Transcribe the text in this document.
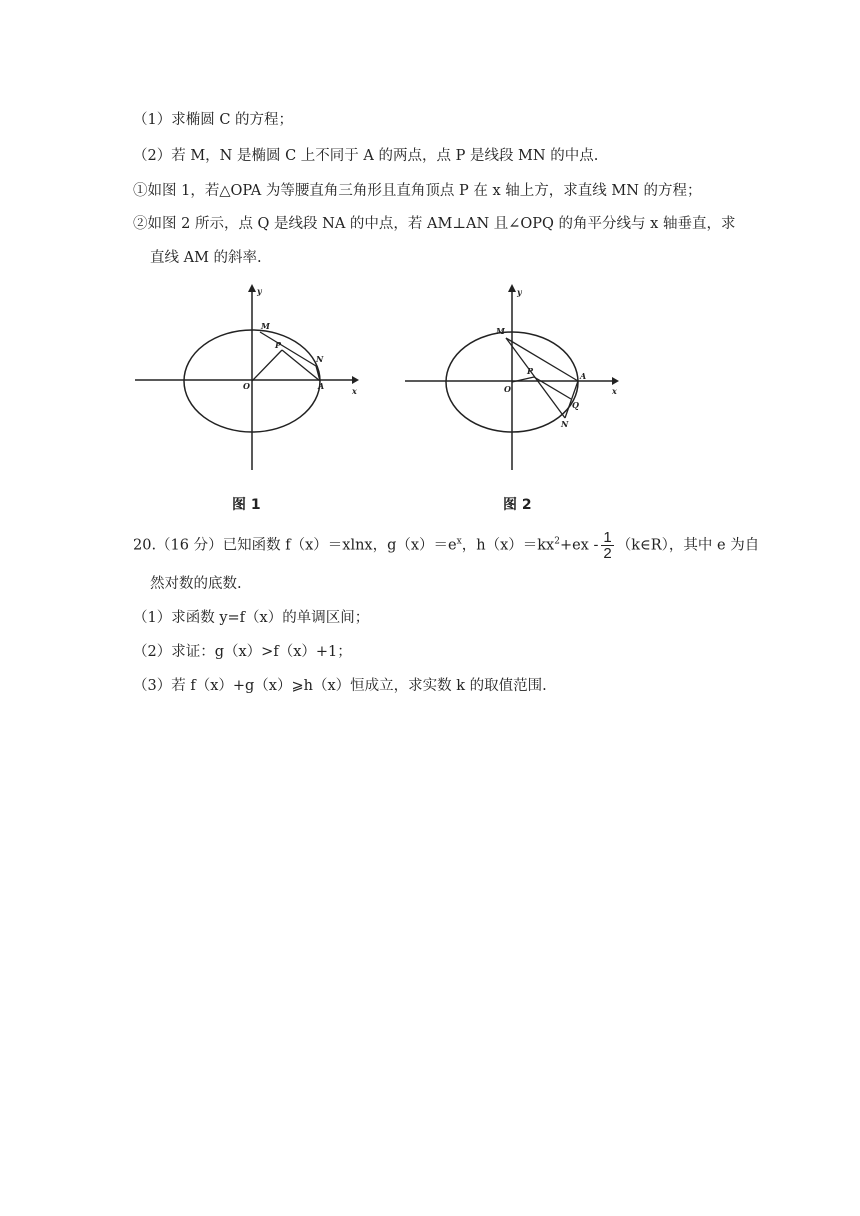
（1）求椭圆 C 的方程；
（2）若 M，N 是椭圆 C 上不同于 A 的两点，点 P 是线段 MN 的中点.
①如图 1，若△OPA 为等腰直角三角形且直角顶点 P 在 x 轴上方，求直线 MN 的方程；
②如图 2 所示，点 Q 是线段 NA 的中点，若 AM⊥AN 且∠OPQ 的角平分线与 x 轴垂直，求
直线 AM 的斜率.
y
x
O	A
M
N
P
图 1
y
x
O
A
M
N
P
Q
图 2
20.（16 分）已知函数 f（x）＝xlnx，$g(x)=e^x$，$h(x)=kx^2+ex - \frac{1}{2}$ （k∈R），其中 e 为自
然对数的底数.
（1）求函数 y=f（x）的单调区间；
（2）求证：g（x）>f（x）+1；
（3）若 f（x）+g（x）⩾h（x）恒成立，求实数 k 的取值范围.
